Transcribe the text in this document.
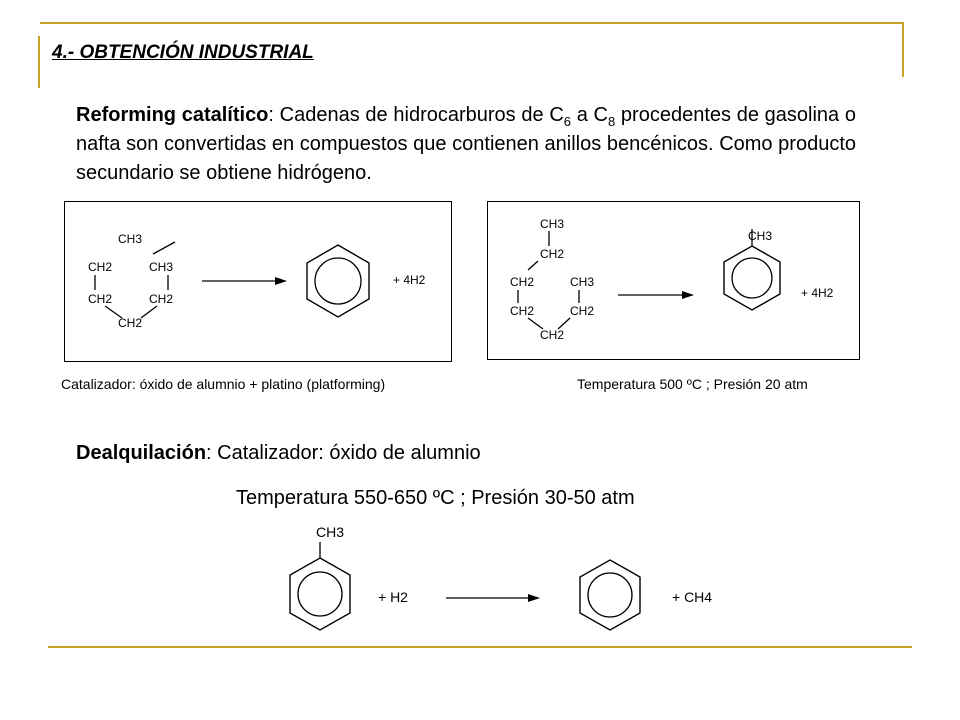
4.- OBTENCIÓN INDUSTRIAL
Reforming catalítico: Cadenas de hidrocarburos de $C_6$ a $C_8$ procedentes de gasolina o nafta son convertidas en compuestos que contienen anillos bencénicos. Como producto secundario se obtiene hidrógeno.
CH3
CH2	CH3
CH2	CH2
CH2
+ 4H2
CH3
CH2
CH2	CH3
CH2	CH2
CH2
CH3
+ 4H2
Catalizador: óxido de alumnio + platino (platforming)	Temperatura 500 ºC ; Presión 20 atm
Dealquilación: Catalizador: óxido de alumnio
Temperatura 550-650 ºC ; Presión 30-50 atm
CH3
+ H2	+ CH4
